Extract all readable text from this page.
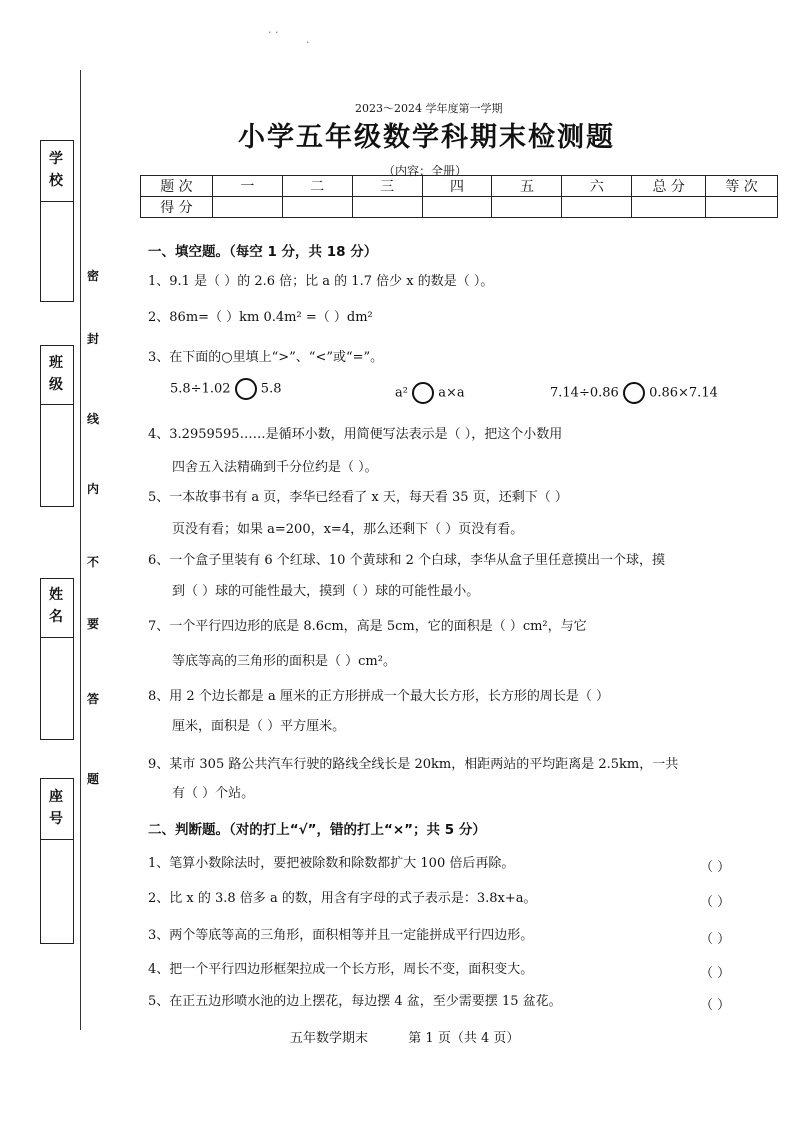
· ·
·
学校
班级
姓名
座号
密
封
线
内
不
要
答
题
2023～2024 学年度第一学期
小学五年级数学科期末检测题
（内容：全册）
题 次	一	二	三	四	五	六	总 分	等 次
得 分								
一、填空题。（每空 1 分，共 18 分）
1、9.1 是（ ）的 2.6 倍；比 a 的 1.7 倍少 x 的数是（ ）。
2、86m=（ ）km 0.4m² =（ ）dm²
3、在下面的○里填上“>”、“<”或“=”。
5.8÷1.02 5.8	a² a×a	7.14÷0.86 0.86×7.14
4、3.2959595……是循环小数，用简便写法表示是（ ），把这个小数用
四舍五入法精确到千分位约是（ ）。
5、一本故事书有 a 页，李华已经看了 x 天，每天看 35 页，还剩下（ ）
页没有看；如果 a=200，x=4，那么还剩下（ ）页没有看。
6、一个盒子里装有 6 个红球、10 个黄球和 2 个白球，李华从盒子里任意摸出一个球，摸
到（ ）球的可能性最大，摸到（ ）球的可能性最小。
7、一个平行四边形的底是 8.6cm，高是 5cm，它的面积是（ ）cm²，与它
等底等高的三角形的面积是（ ）cm²。
8、用 2 个边长都是 a 厘米的正方形拼成一个最大长方形，长方形的周长是（ ）
厘米，面积是（ ）平方厘米。
9、某市 305 路公共汽车行驶的路线全线长是 20km，相距两站的平均距离是 2.5km，一共
有（ ）个站。
二、判断题。（对的打上“√”，错的打上“×”；共 5 分）
1、笔算小数除法时，要把被除数和除数都扩大 100 倍后再除。	（ ）
2、比 x 的 3.8 倍多 a 的数，用含有字母的式子表示是：3.8x+a。	（ ）
3、两个等底等高的三角形，面积相等并且一定能拼成平行四边形。	（ ）
4、把一个平行四边形框架拉成一个长方形，周长不变，面积变大。	（ ）
5、在正五边形喷水池的边上摆花，每边摆 4 盆，至少需要摆 15 盆花。	（ ）
五年数学期末	第 1 页（共 4 页）
